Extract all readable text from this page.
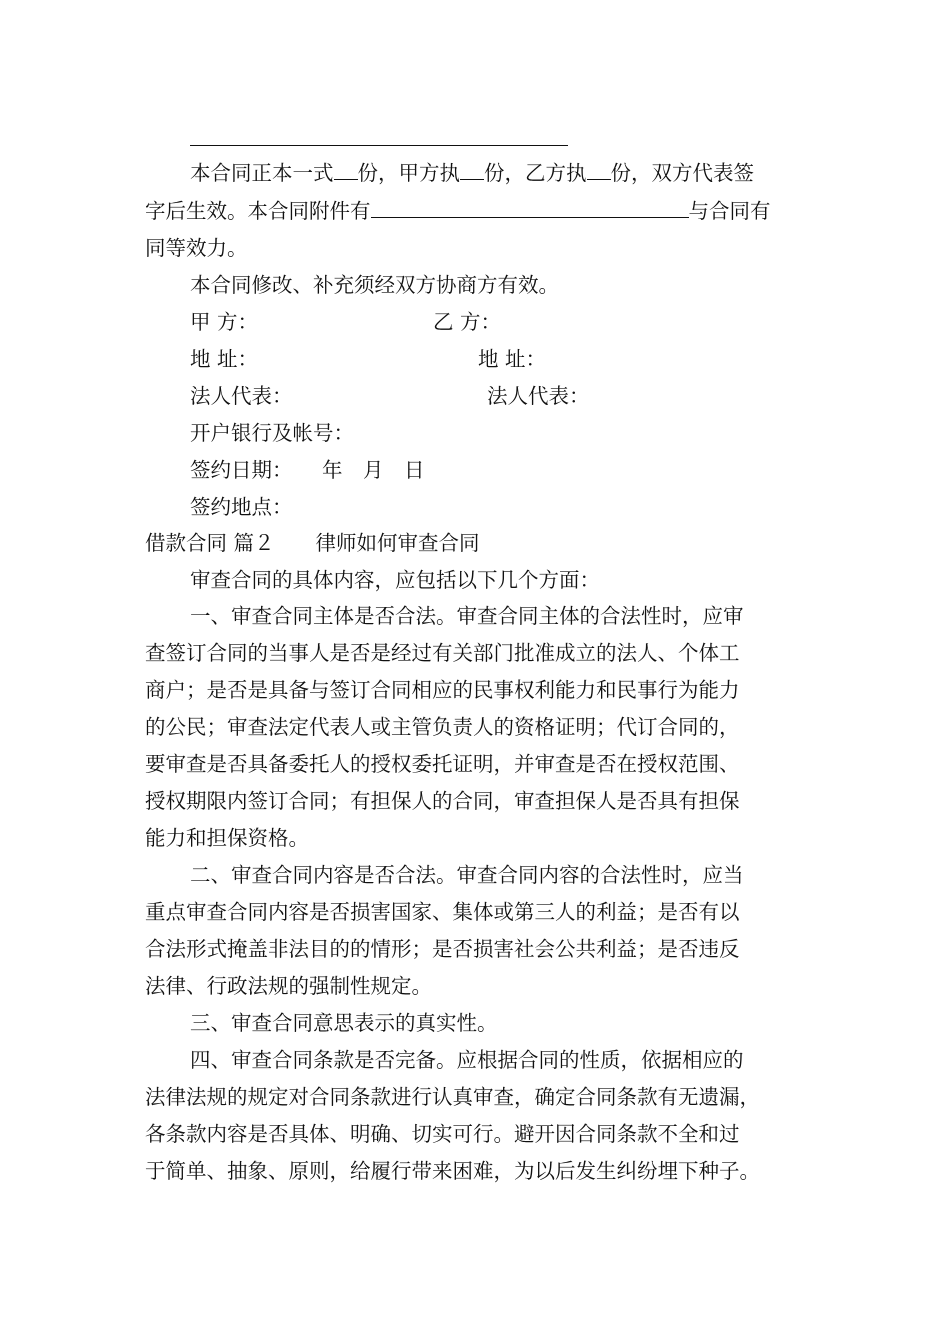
本合同正本一式 份，甲方执 份，乙方执 份，双方代表签
字后生效。本合同附件有	与合同有
同等效力。
本合同修改、补充须经双方协商方有效。
甲 方：	乙 方：
地 址：	地 址：
法人代表：	法人代表：
开户银行及帐号：
签约日期：	年　月　日
签约地点：
借款合同 篇２　　律师如何审查合同
审查合同的具体内容，应包括以下几个方面：
一、审查合同主体是否合法。审查合同主体的合法性时，应审
查签订合同的当事人是否是经过有关部门批准成立的法人、个体工
商户；是否是具备与签订合同相应的民事权利能力和民事行为能力
的公民；审查法定代表人或主管负责人的资格证明；代订合同的，
要审查是否具备委托人的授权委托证明，并审查是否在授权范围、
授权期限内签订合同；有担保人的合同，审查担保人是否具有担保
能力和担保资格。
二、审查合同内容是否合法。审查合同内容的合法性时，应当
重点审查合同内容是否损害国家、集体或第三人的利益；是否有以
合法形式掩盖非法目的的情形；是否损害社会公共利益；是否违反
法律、行政法规的强制性规定。
三、审查合同意思表示的真实性。
四、审查合同条款是否完备。应根据合同的性质，依据相应的
法律法规的规定对合同条款进行认真审查，确定合同条款有无遗漏，
各条款内容是否具体、明确、切实可行。避开因合同条款不全和过
于简单、抽象、原则，给履行带来困难，为以后发生纠纷埋下种子。
